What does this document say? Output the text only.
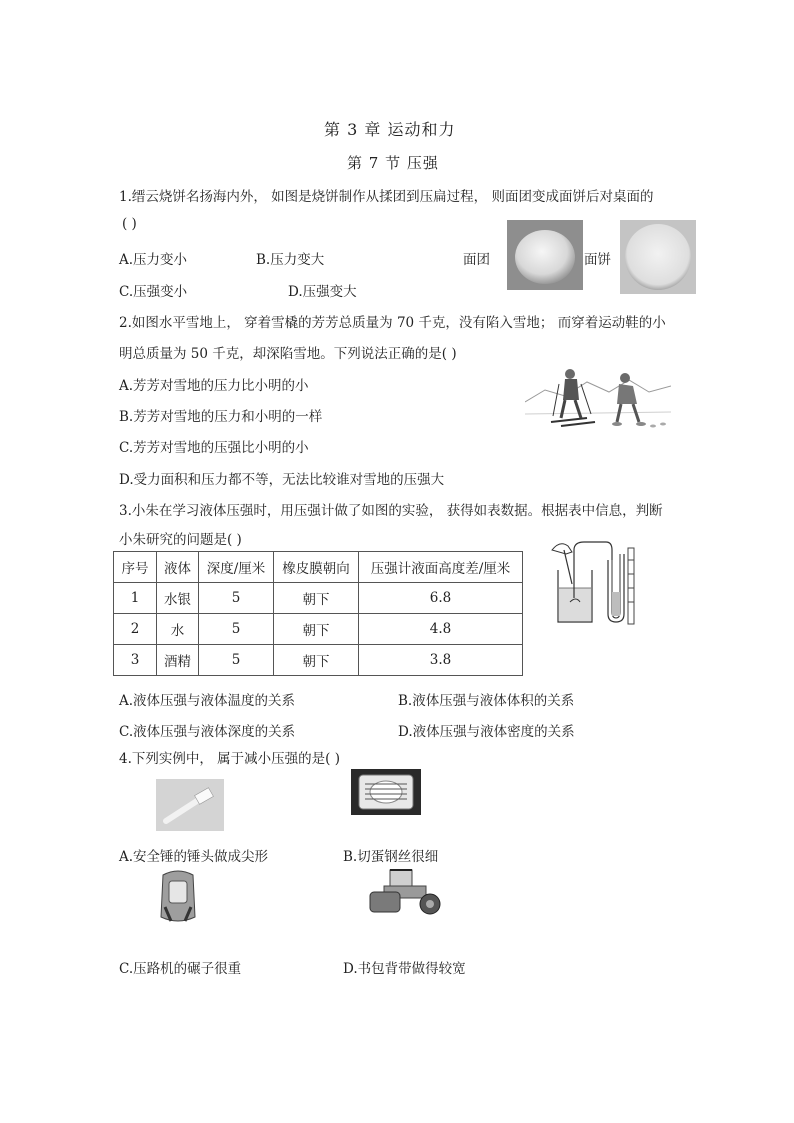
第 3 章 运动和力
第 7 节 压强
1.缙云烧饼名扬海内外， 如图是烧饼制作从揉团到压扁过程， 则面团变成面饼后对桌面的
( )
A.压力变小	B.压力变大	面团	面饼
C.压强变小	D.压强变大
2.如图水平雪地上， 穿着雪橇的芳芳总质量为 70 千克，没有陷入雪地； 而穿着运动鞋的小
明总质量为 50 千克，却深陷雪地。下列说法正确的是( )
A.芳芳对雪地的压力比小明的小
B.芳芳对雪地的压力和小明的一样
C.芳芳对雪地的压强比小明的小
D.受力面积和压力都不等，无法比较谁对雪地的压强大
3.小朱在学习液体压强时，用压强计做了如图的实验， 获得如表数据。根据表中信息，判断
小朱研究的问题是( )
序号	液体	深度/厘米	橡皮膜朝向	压强计液面高度差/厘米
1	水银	5	朝下	6.8
2	水	5	朝下	4.8
3	酒精	5	朝下	3.8
A.液体压强与液体温度的关系	B.液体压强与液体体积的关系
C.液体压强与液体深度的关系	D.液体压强与液体密度的关系
4.下列实例中， 属于减小压强的是( )
A.安全锤的锤头做成尖形	B.切蛋钢丝很细
C.压路机的碾子很重	D.书包背带做得较宽
